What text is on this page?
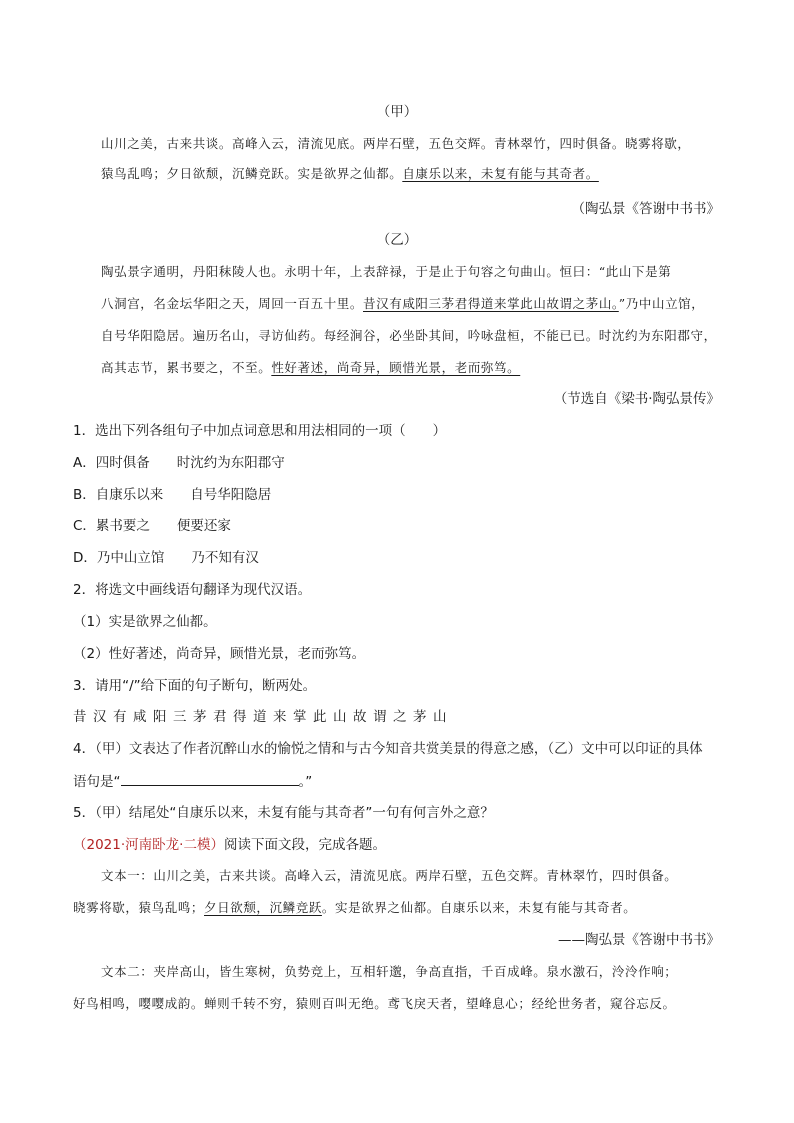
（甲）
山川之美，古来共谈。高峰入云，清流见底。两岸石壁，五色交辉。青林翠竹，四时俱备。晓雾将歇，
猿鸟乱鸣；夕日欲颓，沉鳞竞跃。实是欲界之仙都。自康乐以来，未复有能与其奇者。
（陶弘景《答谢中书书》
（乙）
陶弘景字通明，丹阳秣陵人也。永明十年，上表辞禄，于是止于句容之句曲山。恒曰：“此山下是第
八洞宫，名金坛华阳之天，周回一百五十里。昔汉有咸阳三茅君得道来掌此山故谓之茅山。”乃中山立馆，
自号华阳隐居。遍历名山，寻访仙药。每经涧谷，必坐卧其间，吟咏盘桓，不能已已。时沈约为东阳郡守，
高其志节，累书要之，不至。性好著述，尚奇异，顾惜光景，老而弥笃。
（节选自《梁书·陶弘景传》
1．选出下列各组句子中加点词意思和用法相同的一项（　　）
A．四时俱备　　时沈约为东阳郡守
B．自康乐以来　　自号华阳隐居
C．累书要之　　便要还家
D．乃中山立馆　　乃不知有汉
2．将选文中画线语句翻译为现代汉语。
（1）实是欲界之仙都。
（2）性好著述，尚奇异，顾惜光景，老而弥笃。
3．请用“/”给下面的句子断句，断两处。
昔汉有咸阳三茅君得道来掌此山故谓之茅山
4．（甲）文表达了作者沉醉山水的愉悦之情和与古今知音共赏美景的得意之感，（乙）文中可以印证的具体
语句是“	。”
5．（甲）结尾处“自康乐以来，未复有能与其奇者”一句有何言外之意？
（2021·河南卧龙·二模）阅读下面文段，完成各题。
文本一：山川之美，古来共谈。高峰入云，清流见底。两岸石壁，五色交辉。青林翠竹，四时俱备。
晓雾将歇，猿鸟乱鸣；夕日欲颓，沉鳞竞跃。实是欲界之仙都。自康乐以来，未复有能与其奇者。
——陶弘景《答谢中书书》
文本二：夹岸高山，皆生寒树，负势竞上，互相轩邈，争高直指，千百成峰。泉水激石，泠泠作响；
好鸟相鸣，嘤嘤成韵。蝉则千转不穷，猿则百叫无绝。鸢飞戾天者，望峰息心；经纶世务者，窥谷忘反。
